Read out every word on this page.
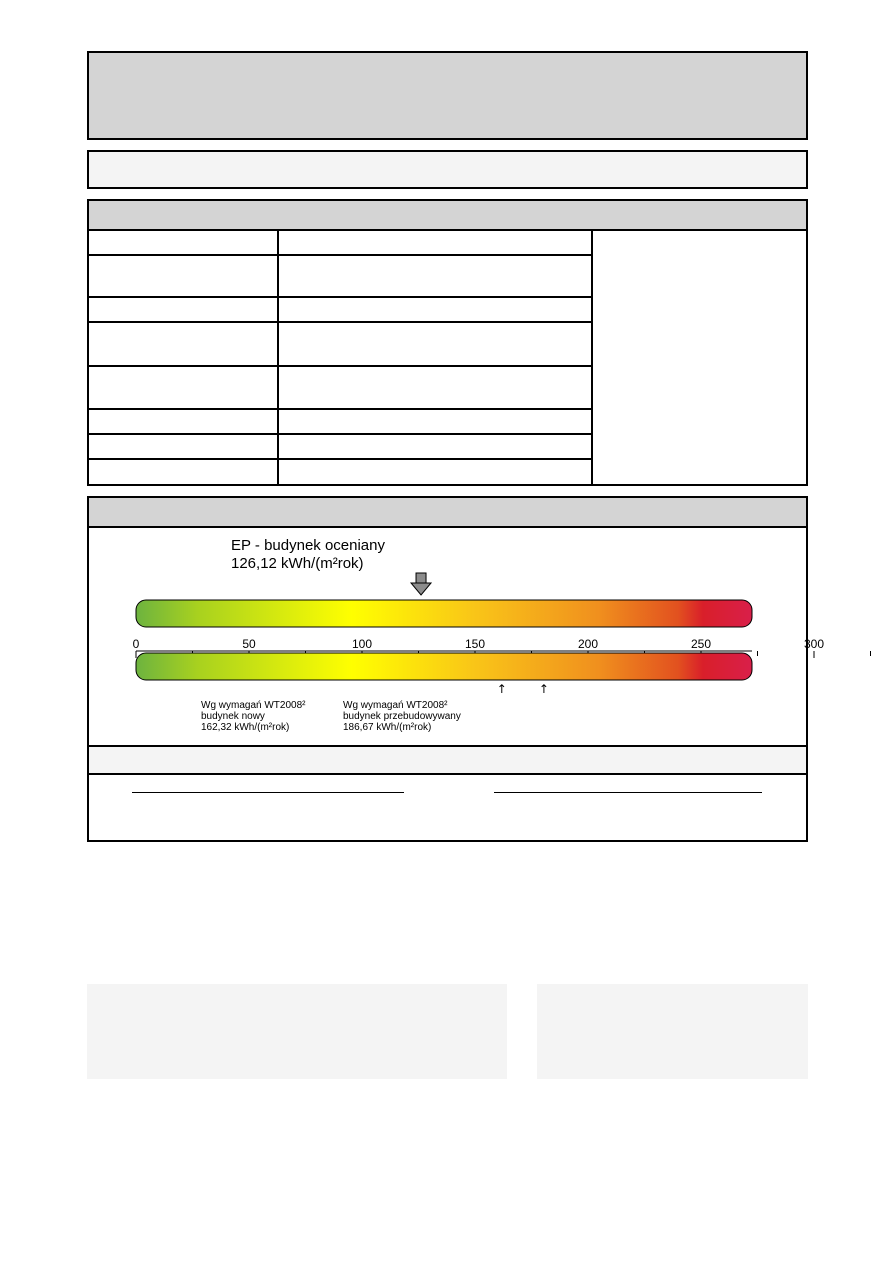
EP - budynek oceniany
126,12 kWh/(m²rok)
0	50	100	150	200	250	300
↑
Wg wymagań WT2008²
budynek nowy
162,32 kWh/(m²rok)
↑
Wg wymagań WT2008²
budynek przebudowywany
186,67 kWh/(m²rok)
